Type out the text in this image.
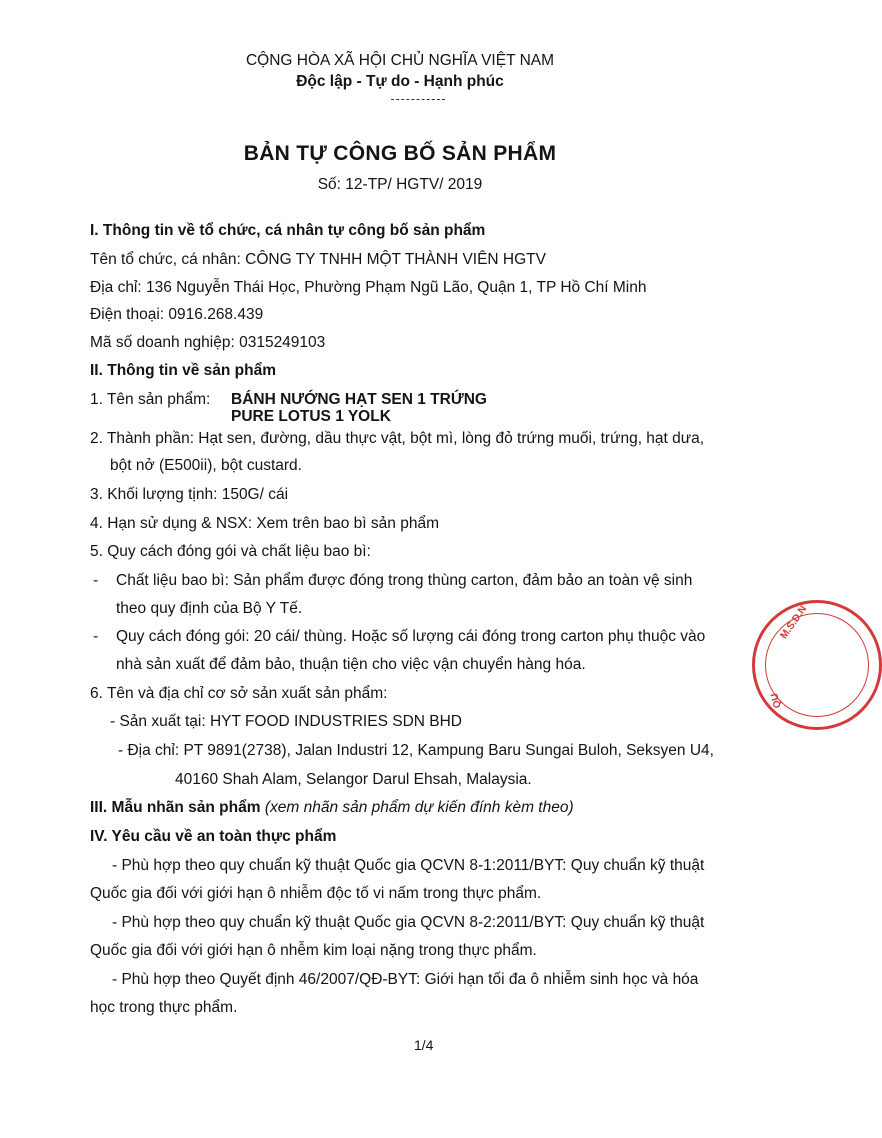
CỘNG HÒA XÃ HỘI CHỦ NGHĨA VIỆT NAM
Độc lập - Tự do - Hạnh phúc
BẢN TỰ CÔNG BỐ SẢN PHẨM
Số: 12-TP/ HGTV/ 2019
I. Thông tin về tổ chức, cá nhân tự công bố sản phẩm
Tên tổ chức, cá nhân: CÔNG TY TNHH MỘT THÀNH VIÊN HGTV
Địa chỉ: 136 Nguyễn Thái Học, Phường Phạm Ngũ Lão, Quận 1, TP Hồ Chí Minh
Điện thoại: 0916.268.439
Mã số doanh nghiệp: 0315249103
II. Thông tin về sản phẩm
1. Tên sản phẩm: BÁNH NƯỚNG HẠT SEN 1 TRỨNG
PURE LOTUS 1 YOLK
2. Thành phần: Hạt sen, đường, dầu thực vật, bột mì, lòng đỏ trứng muối, trứng, hạt dưa,
bột nở (E500ii), bột custard.
3. Khối lượng tịnh: 150G/ cái
4. Hạn sử dụng & NSX: Xem trên bao bì sản phẩm
5. Quy cách đóng gói và chất liệu bao bì:
- Chất liệu bao bì: Sản phẩm được đóng trong thùng carton, đảm bảo an toàn vệ sinh
theo quy định của Bộ Y Tế.
- Quy cách đóng gói: 20 cái/ thùng. Hoặc số lượng cái đóng trong carton phụ thuộc vào
nhà sản xuất để đảm bảo, thuận tiện cho việc vận chuyển hàng hóa.
6. Tên và địa chỉ cơ sở sản xuất sản phẩm:
- Sản xuất tại: HYT FOOD INDUSTRIES SDN BHD
- Địa chỉ: PT 9891(2738), Jalan Industri 12, Kampung Baru Sungai Buloh, Seksyen U4,
40160 Shah Alam, Selangor Darul Ehsah, Malaysia.
III. Mẫu nhãn sản phẩm (xem nhãn sản phẩm dự kiến đính kèm theo)
IV. Yêu cầu về an toàn thực phẩm
- Phù hợp theo quy chuẩn kỹ thuật Quốc gia QCVN 8-1:2011/BYT: Quy chuẩn kỹ thuật
Quốc gia đối với giới hạn ô nhiễm độc tố vi nấm trong thực phẩm.
- Phù hợp theo quy chuẩn kỹ thuật Quốc gia QCVN 8-2:2011/BYT: Quy chuẩn kỹ thuật
Quốc gia đối với giới hạn ô nhễm kim loại nặng trong thực phẩm.
- Phù hợp theo Quyết định 46/2007/QĐ-BYT: Giới hạn tối đa ô nhiễm sinh học và hóa
học trong thực phẩm.
1/4
M.S.D.N
QU
